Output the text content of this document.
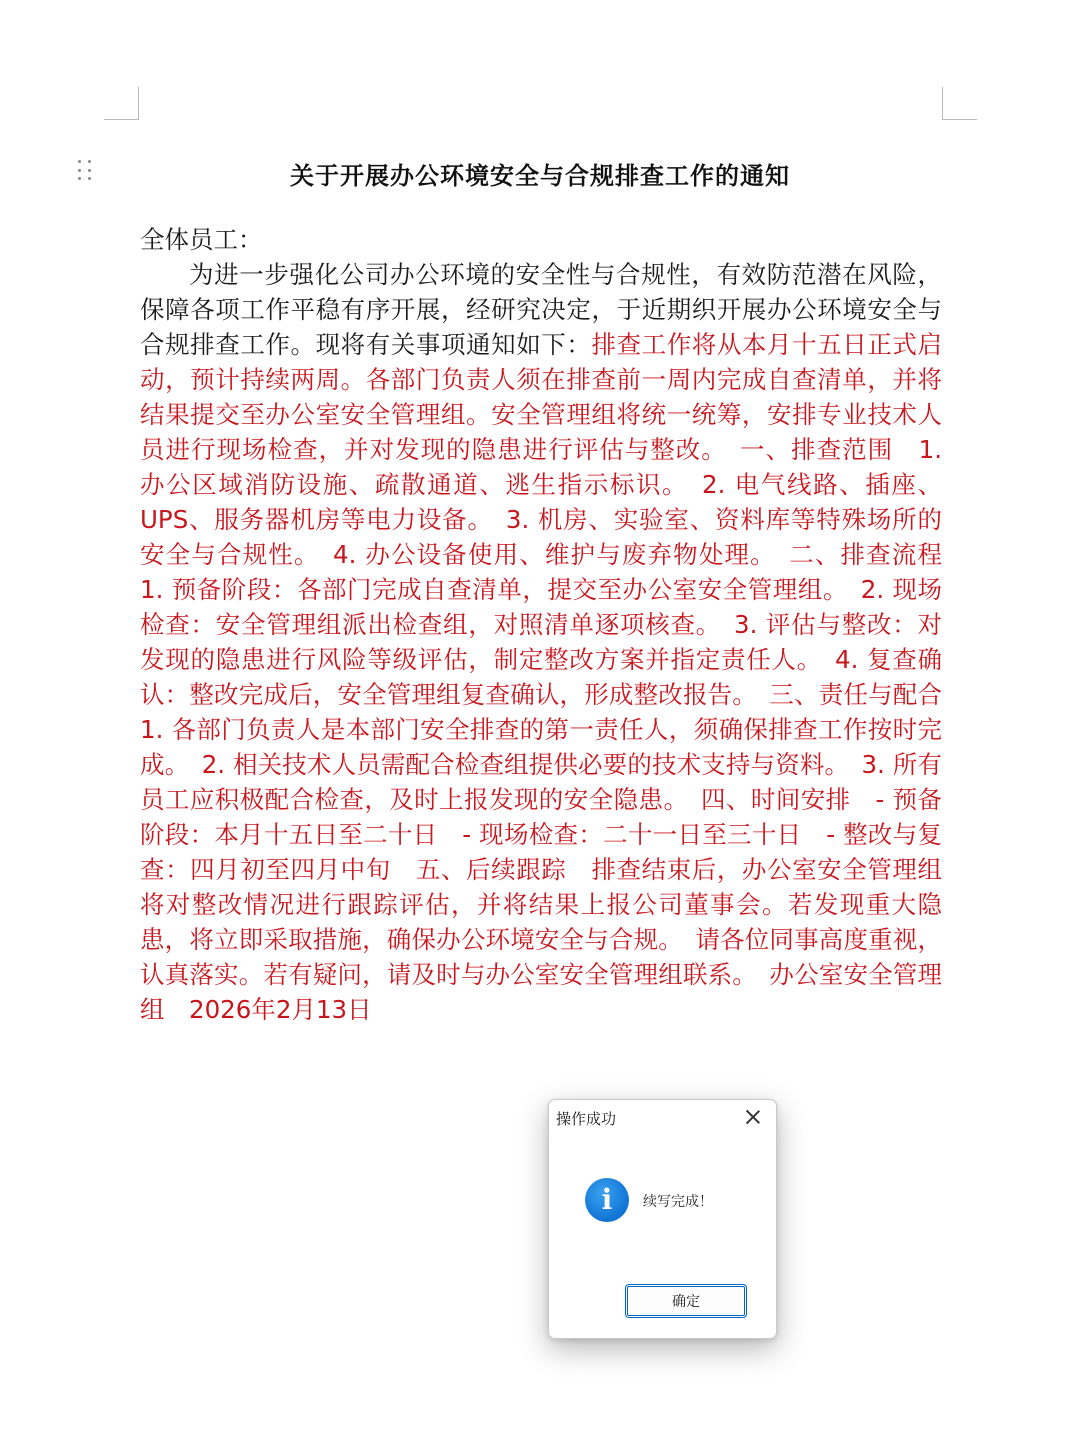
关于开展办公环境安全与合规排查工作的通知

全体员工：

为进一步强化公司办公环境的安全性与合规性，有效防范潜在风险，保障各项工作平稳有序开展，经研究决定，于近期织开展办公环境安全与合规排查工作。现将有关事项通知如下：排查工作将从本月十五日正式启动，预计持续两周。各部门负责人须在排查前一周内完成自查清单，并将结果提交至办公室安全管理组。安全管理组将统一统筹，安排专业技术人员进行现场检查，并对发现的隐患进行评估与整改。　一、排查范围　1. 办公区域消防设施、疏散通道、逃生指示标识。　2. 电气线路、插座、UPS、服务器机房等电力设备。　3. 机房、实验室、资料库等特殊场所的安全与合规性。　4. 办公设备使用、维护与废弃物处理。　二、排查流程　1. 预备阶段：各部门完成自查清单，提交至办公室安全管理组。　2. 现场检查：安全管理组派出检查组，对照清单逐项核查。　3. 评估与整改：对发现的隐患进行风险等级评估，制定整改方案并指定责任人。　4. 复查确认：整改完成后，安全管理组复查确认，形成整改报告。　三、责任与配合　1. 各部门负责人是本部门安全排查的第一责任人，须确保排查工作按时完成。　2. 相关技术人员需配合检查组提供必要的技术支持与资料。　3. 所有员工应积极配合检查，及时上报发现的安全隐患。　四、时间安排　- 预备阶段：本月十五日至二十日　- 现场检查：二十一日至三十日　- 整改与复查：四月初至四月中旬　五、后续跟踪　排查结束后，办公室安全管理组将对整改情况进行跟踪评估，并将结果上报公司董事会。若发现重大隐患，将立即采取措施，确保办公环境安全与合规。　请各位同事高度重视，认真落实。若有疑问，请及时与办公室安全管理组联系。　办公室安全管理组　2026年2月13日

操作成功
i	续写完成！
确定
